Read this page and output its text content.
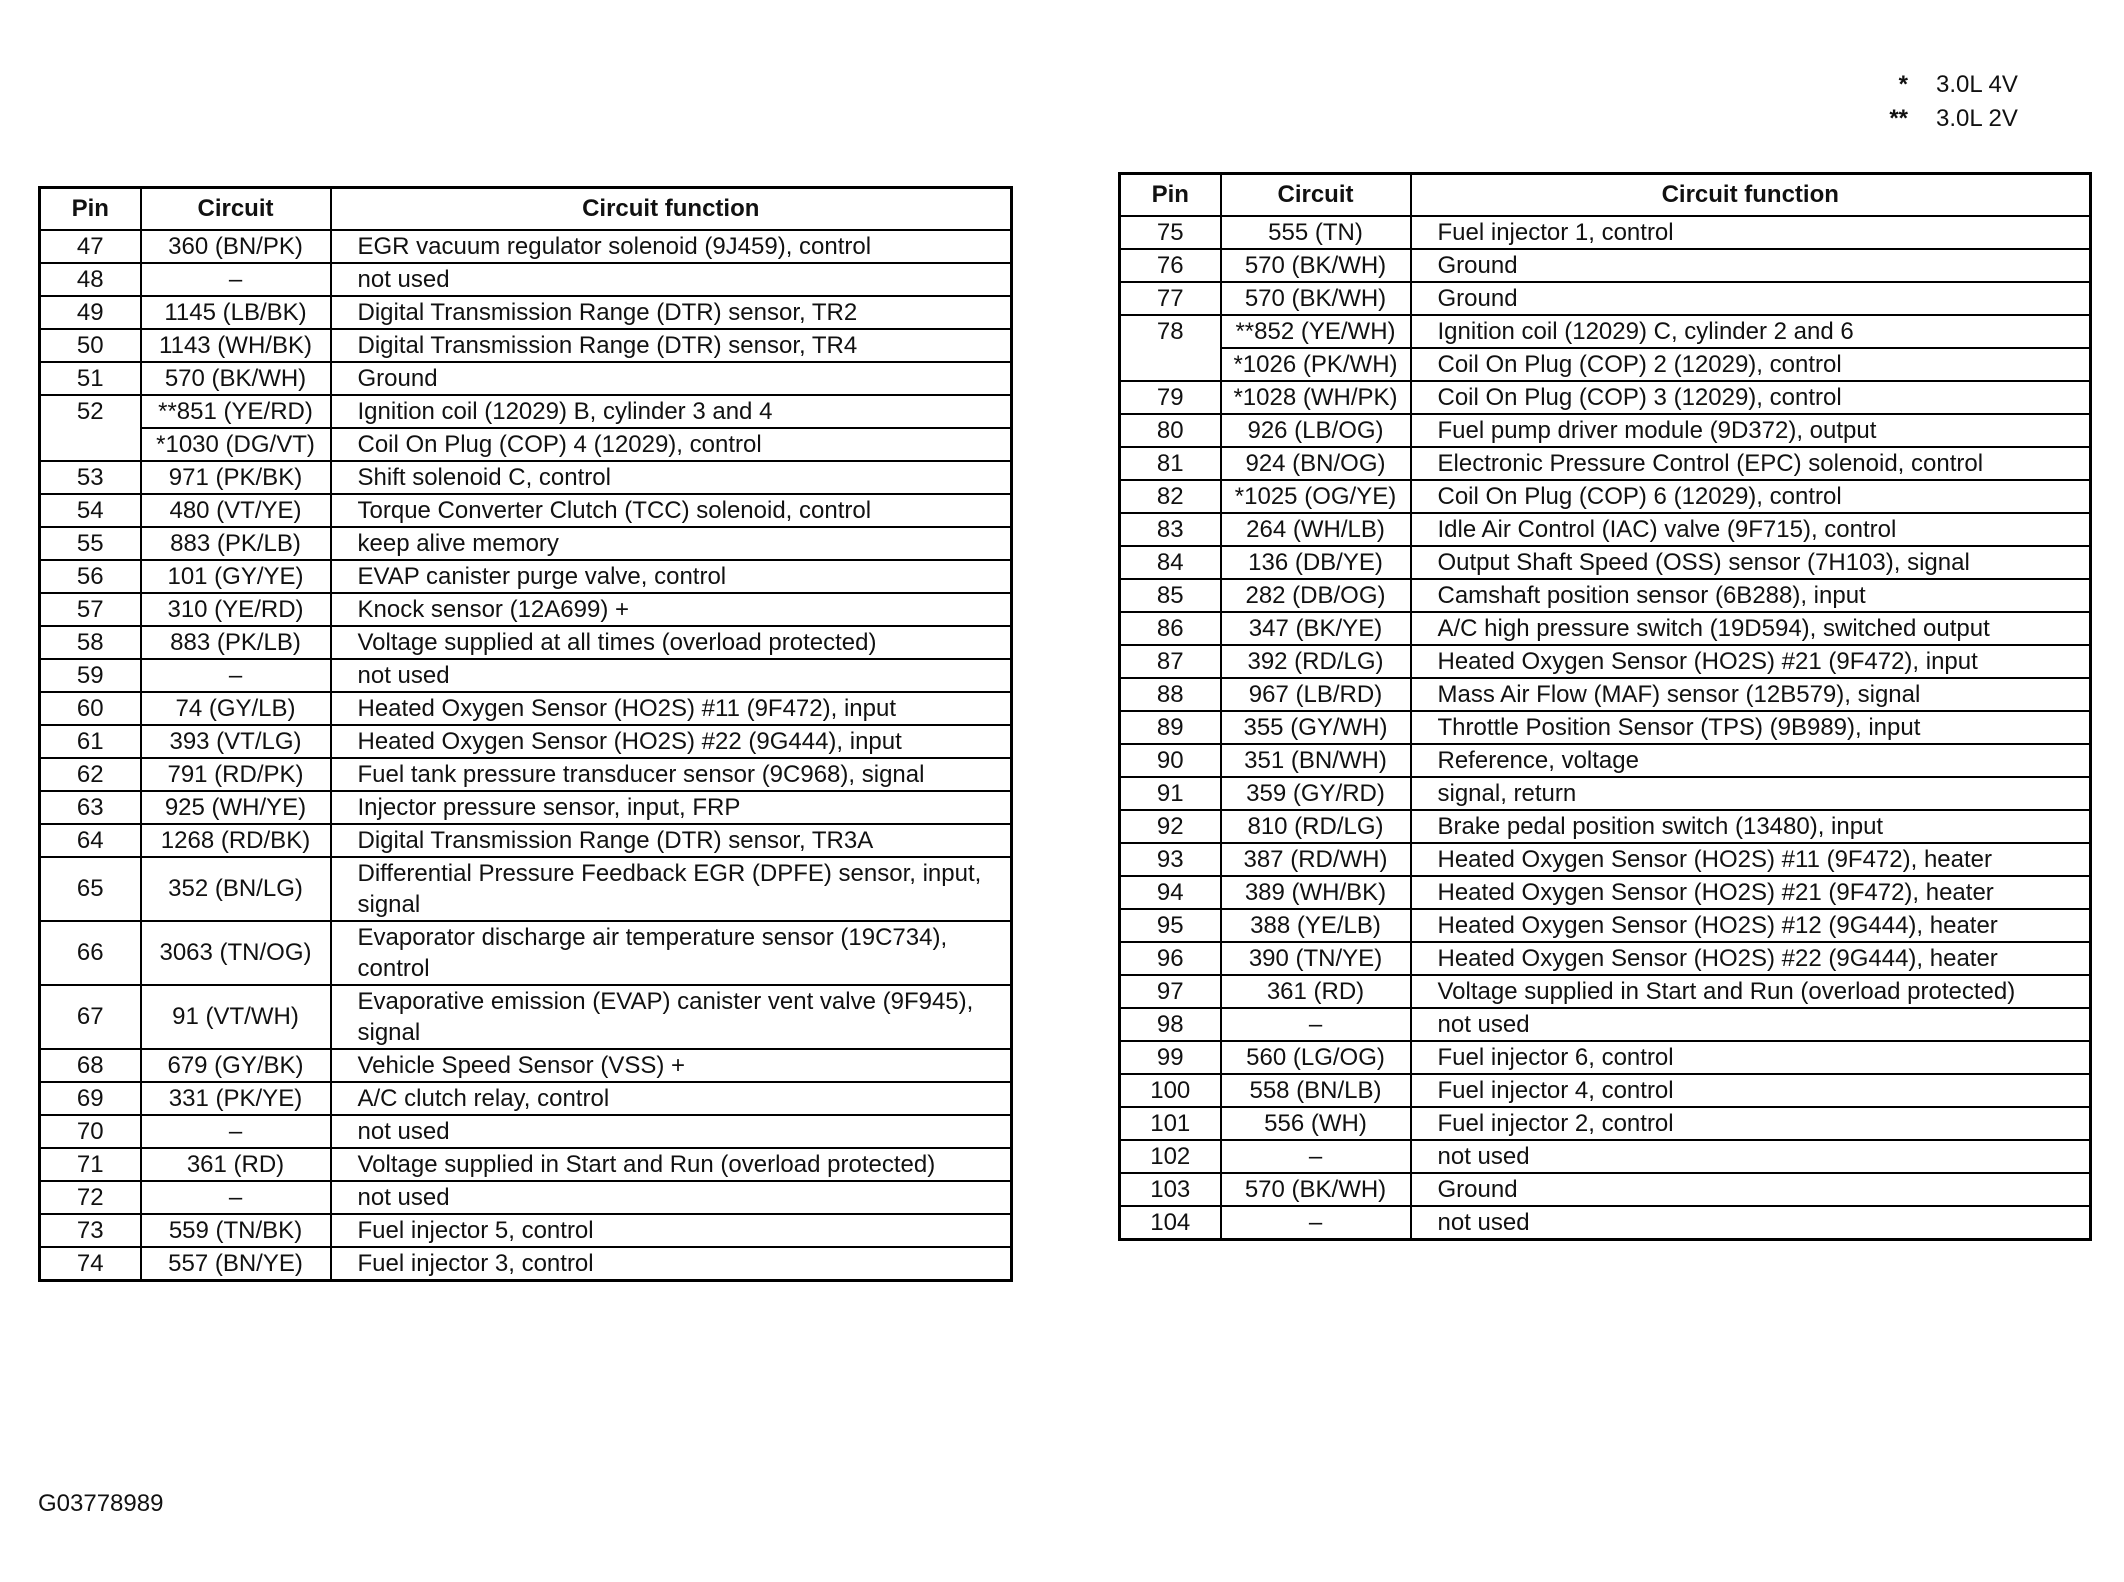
*	3.0L 4V
**	3.0L 2V
Pin	Circuit	Circuit function
47	360 (BN/PK)	EGR vacuum regulator solenoid (9J459), control
48	–	not used
49	1145 (LB/BK)	Digital Transmission Range (DTR) sensor, TR2
50	1143 (WH/BK)	Digital Transmission Range (DTR) sensor, TR4
51	570 (BK/WH)	Ground
52	**851 (YE/RD)	Ignition coil (12029) B, cylinder 3 and 4
	*1030 (DG/VT)	Coil On Plug (COP) 4 (12029), control
53	971 (PK/BK)	Shift solenoid C, control
54	480 (VT/YE)	Torque Converter Clutch (TCC) solenoid, control
55	883 (PK/LB)	keep alive memory
56	101 (GY/YE)	EVAP canister purge valve, control
57	310 (YE/RD)	Knock sensor (12A699) +
58	883 (PK/LB)	Voltage supplied at all times (overload protected)
59	–	not used
60	74 (GY/LB)	Heated Oxygen Sensor (HO2S) #11 (9F472), input
61	393 (VT/LG)	Heated Oxygen Sensor (HO2S) #22 (9G444), input
62	791 (RD/PK)	Fuel tank pressure transducer sensor (9C968), signal
63	925 (WH/YE)	Injector pressure sensor, input, FRP
64	1268 (RD/BK)	Digital Transmission Range (DTR) sensor, TR3A
65	352 (BN/LG)	Differential Pressure Feedback EGR (DPFE) sensor, input, signal
66	3063 (TN/OG)	Evaporator discharge air temperature sensor (19C734), control
67	91 (VT/WH)	Evaporative emission (EVAP) canister vent valve (9F945), signal
68	679 (GY/BK)	Vehicle Speed Sensor (VSS) +
69	331 (PK/YE)	A/C clutch relay, control
70	–	not used
71	361 (RD)	Voltage supplied in Start and Run (overload protected)
72	–	not used
73	559 (TN/BK)	Fuel injector 5, control
74	557 (BN/YE)	Fuel injector 3, control
Pin	Circuit	Circuit function
75	555 (TN)	Fuel injector 1, control
76	570 (BK/WH)	Ground
77	570 (BK/WH)	Ground
78	**852 (YE/WH)	Ignition coil (12029) C, cylinder 2 and 6
	*1026 (PK/WH)	Coil On Plug (COP) 2 (12029), control
79	*1028 (WH/PK)	Coil On Plug (COP) 3 (12029), control
80	926 (LB/OG)	Fuel pump driver module (9D372), output
81	924 (BN/OG)	Electronic Pressure Control (EPC) solenoid, control
82	*1025 (OG/YE)	Coil On Plug (COP) 6 (12029), control
83	264 (WH/LB)	Idle Air Control (IAC) valve (9F715), control
84	136 (DB/YE)	Output Shaft Speed (OSS) sensor (7H103), signal
85	282 (DB/OG)	Camshaft position sensor (6B288), input
86	347 (BK/YE)	A/C high pressure switch (19D594), switched output
87	392 (RD/LG)	Heated Oxygen Sensor (HO2S) #21 (9F472), input
88	967 (LB/RD)	Mass Air Flow (MAF) sensor (12B579), signal
89	355 (GY/WH)	Throttle Position Sensor (TPS) (9B989), input
90	351 (BN/WH)	Reference, voltage
91	359 (GY/RD)	signal, return
92	810 (RD/LG)	Brake pedal position switch (13480), input
93	387 (RD/WH)	Heated Oxygen Sensor (HO2S) #11 (9F472), heater
94	389 (WH/BK)	Heated Oxygen Sensor (HO2S) #21 (9F472), heater
95	388 (YE/LB)	Heated Oxygen Sensor (HO2S) #12 (9G444), heater
96	390 (TN/YE)	Heated Oxygen Sensor (HO2S) #22 (9G444), heater
97	361 (RD)	Voltage supplied in Start and Run (overload protected)
98	–	not used
99	560 (LG/OG)	Fuel injector 6, control
100	558 (BN/LB)	Fuel injector 4, control
101	556 (WH)	Fuel injector 2, control
102	–	not used
103	570 (BK/WH)	Ground
104	–	not used
G03778989
